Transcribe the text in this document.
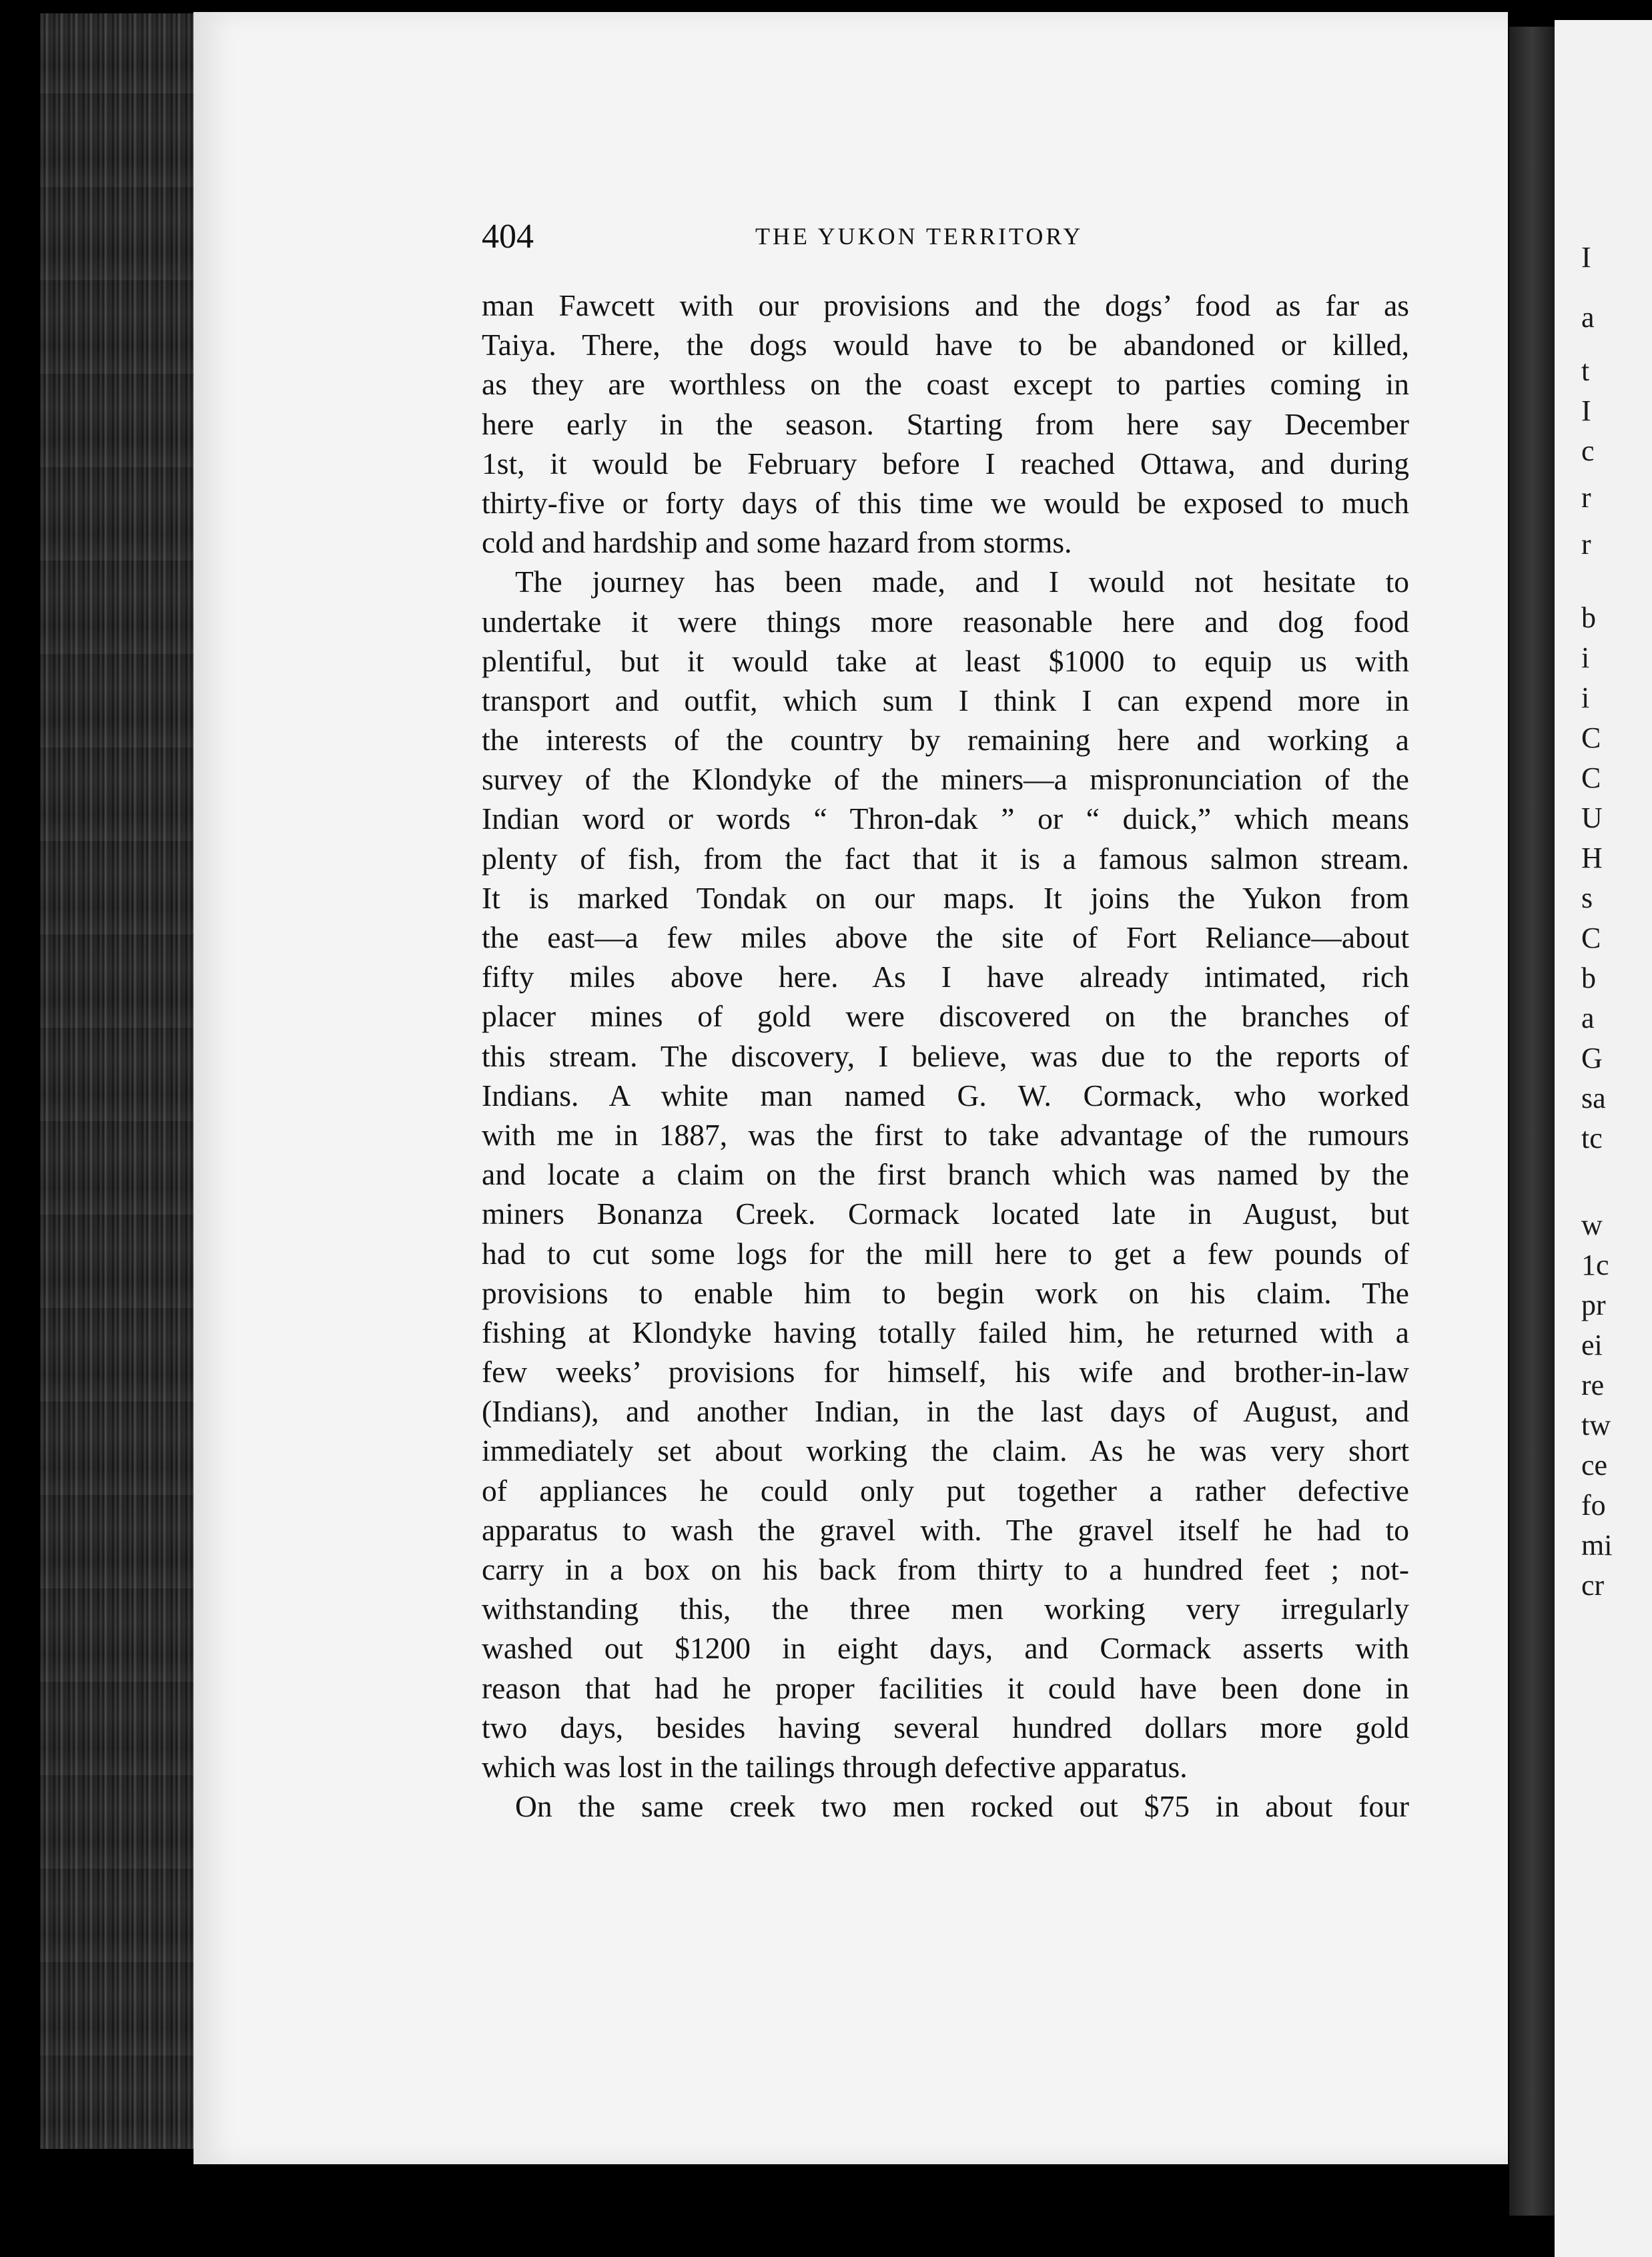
I
a
t
I
c
r
r
b
i
i
C
C
U
H
s
C
b
a
G
sa
tc
w
1c
pr
ei
re
tw
ce
fo
mi
cr
404	THE YUKON TERRITORY
man Fawcett with our provisions and the dogs’ food as far as
Taiya. There, the dogs would have to be abandoned or killed,
as they are worthless on the coast except to parties coming in
here early in the season. Starting from here say December
1st, it would be February before I reached Ottawa, and during
thirty-five or forty days of this time we would be exposed to much
cold and hardship and some hazard from storms.
The journey has been made, and I would not hesitate to
undertake it were things more reasonable here and dog food
plentiful, but it would take at least $1000 to equip us with
transport and outfit, which sum I think I can expend more in
the interests of the country by remaining here and working a
survey of the Klondyke of the miners—a mispronunciation of the
Indian word or words “ Thron-dak ” or “ duick,” which means
plenty of fish, from the fact that it is a famous salmon stream.
It is marked Tondak on our maps. It joins the Yukon from
the east—a few miles above the site of Fort Reliance—about
fifty miles above here. As I have already intimated, rich
placer mines of gold were discovered on the branches of
this stream. The discovery, I believe, was due to the reports of
Indians. A white man named G. W. Cormack, who worked
with me in 1887, was the first to take advantage of the rumours
and locate a claim on the first branch which was named by the
miners Bonanza Creek. Cormack located late in August, but
had to cut some logs for the mill here to get a few pounds of
provisions to enable him to begin work on his claim. The
fishing at Klondyke having totally failed him, he returned with a
few weeks’ provisions for himself, his wife and brother-in-law
(Indians), and another Indian, in the last days of August, and
immediately set about working the claim. As he was very short
of appliances he could only put together a rather defective
apparatus to wash the gravel with. The gravel itself he had to
carry in a box on his back from thirty to a hundred feet ; not-
withstanding this, the three men working very irregularly
washed out $1200 in eight days, and Cormack asserts with
reason that had he proper facilities it could have been done in
two days, besides having several hundred dollars more gold
which was lost in the tailings through defective apparatus.
On the same creek two men rocked out $75 in about four
